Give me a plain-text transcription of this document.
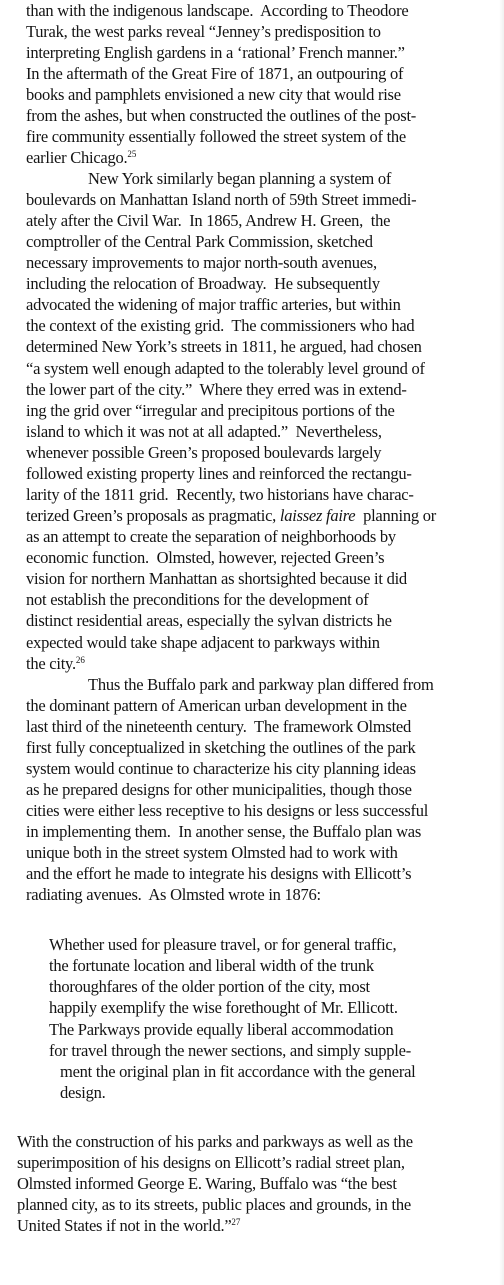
than with the indigenous landscape.  According to Theodore
Turak, the west parks reveal “Jenney’s predisposition to
interpreting English gardens in a ‘rational’ French manner.”
In the aftermath of the Great Fire of 1871, an outpouring of
books and pamphlets envisioned a new city that would rise
from the ashes, but when constructed the outlines of the post-
fire community essentially followed the street system of the
earlier Chicago.$^{25}$
New York similarly began planning a system of
boulevards on Manhattan Island north of 59th Street immedi-
ately after the Civil War.  In 1865, Andrew H. Green,  the
comptroller of the Central Park Commission, sketched
necessary improvements to major north-south avenues,
including the relocation of Broadway.  He subsequently
advocated the widening of major traffic arteries, but within
the context of the existing grid.  The commissioners who had
determined New York’s streets in 1811, he argued, had chosen
“a system well enough adapted to the tolerably level ground of
the lower part of the city.”  Where they erred was in extend-
ing the grid over “irregular and precipitous portions of the
island to which it was not at all adapted.”  Nevertheless,
whenever possible Green’s proposed boulevards largely
followed existing property lines and reinforced the rectangu-
larity of the 1811 grid.  Recently, two historians have charac-
terized Green’s proposals as pragmatic, laissez faire  planning or
as an attempt to create the separation of neighborhoods by
economic function.  Olmsted, however, rejected Green’s
vision for northern Manhattan as shortsighted because it did
not establish the preconditions for the development of
distinct residential areas, especially the sylvan districts he
expected would take shape adjacent to parkways within
the city.$^{26}$
Thus the Buffalo park and parkway plan differed from
the dominant pattern of American urban development in the
last third of the nineteenth century.  The framework Olmsted
first fully conceptualized in sketching the outlines of the park
system would continue to characterize his city planning ideas
as he prepared designs for other municipalities, though those
cities were either less receptive to his designs or less successful
in implementing them.  In another sense, the Buffalo plan was
unique both in the street system Olmsted had to work with
and the effort he made to integrate his designs with Ellicott’s
radiating avenues.  As Olmsted wrote in 1876:
Whether used for pleasure travel, or for general traffic,
the fortunate location and liberal width of the trunk
thoroughfares of the older portion of the city, most
happily exemplify the wise forethought of Mr. Ellicott.
The Parkways provide equally liberal accommodation
for travel through the newer sections, and simply supple-
ment the original plan in fit accordance with the general
design.
With the construction of his parks and parkways as well as the
superimposition of his designs on Ellicott’s radial street plan,
Olmsted informed George E. Waring, Buffalo was “the best
planned city, as to its streets, public places and grounds, in the
United States if not in the world.”$^{27}$
